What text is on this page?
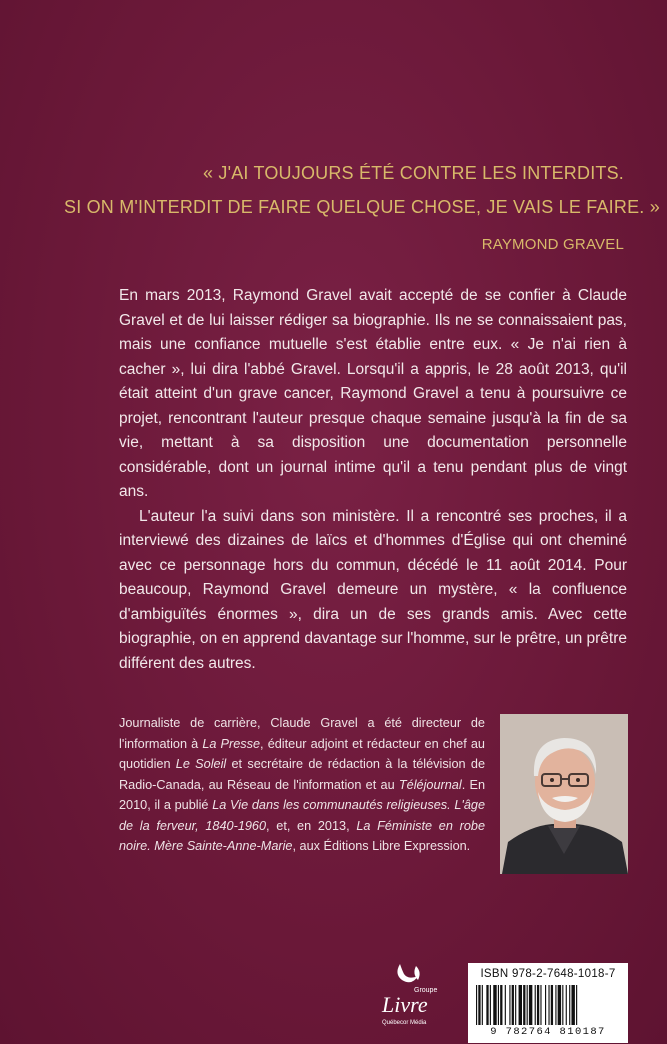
« J'AI TOUJOURS ÉTÉ CONTRE LES INTERDITS.
SI ON M'INTERDIT DE FAIRE QUELQUE CHOSE, JE VAIS LE FAIRE. »
RAYMOND GRAVEL

En mars 2013, Raymond Gravel avait accepté de se confier à Claude Gravel et de lui laisser rédiger sa biographie. Ils ne se connaissaient pas, mais une confiance mutuelle s'est établie entre eux. « Je n'ai rien à cacher », lui dira l'abbé Gravel. Lorsqu'il a appris, le 28 août 2013, qu'il était atteint d'un grave cancer, Raymond Gravel a tenu à poursuivre ce projet, rencontrant l'auteur presque chaque semaine jusqu'à la fin de sa vie, mettant à sa disposition une documentation personnelle considérable, dont un journal intime qu'il a tenu pendant plus de vingt ans.

L'auteur l'a suivi dans son ministère. Il a rencontré ses proches, il a interviewé des dizaines de laïcs et d'hommes d'Église qui ont cheminé avec ce personnage hors du commun, décédé le 11 août 2014. Pour beaucoup, Raymond Gravel demeure un mystère, « la confluence d'ambiguïtés énormes », dira un de ses grands amis. Avec cette biographie, on en apprend davantage sur l'homme, sur le prêtre, un prêtre différent des autres.

Journaliste de carrière, Claude Gravel a été directeur de l'information à La Presse, éditeur adjoint et rédacteur en chef au quotidien Le Soleil et secrétaire de rédaction à la télévision de Radio-Canada, au Réseau de l'information et au Téléjournal. En 2010, il a publié La Vie dans les communautés religieuses. L'âge de la ferveur, 1840-1960, et, en 2013, La Féministe en robe noire. Mère Sainte-Anne-Marie, aux Éditions Libre Expression.
Groupe
Livre
Québecor Média
ISBN 978-2-7648-1018-7
9 782764 810187
